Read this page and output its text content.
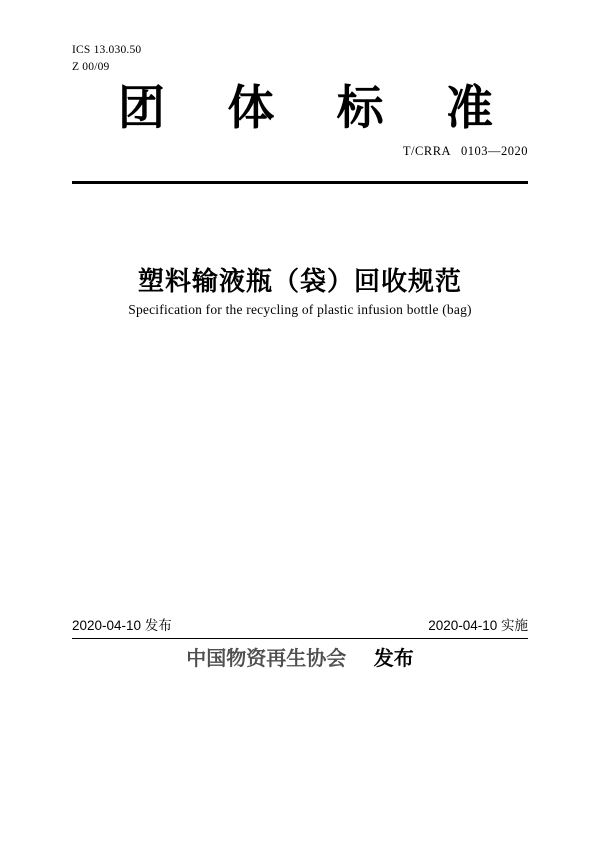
ICS 13.030.50
Z 00/09
团 体 标 准
T/CRRA 0103—2020
塑料输液瓶（袋）回收规范
Specification for the recycling of plastic infusion bottle (bag)
2020-04-10 发布	2020-04-10 实施
中国物资再生协会 发布
